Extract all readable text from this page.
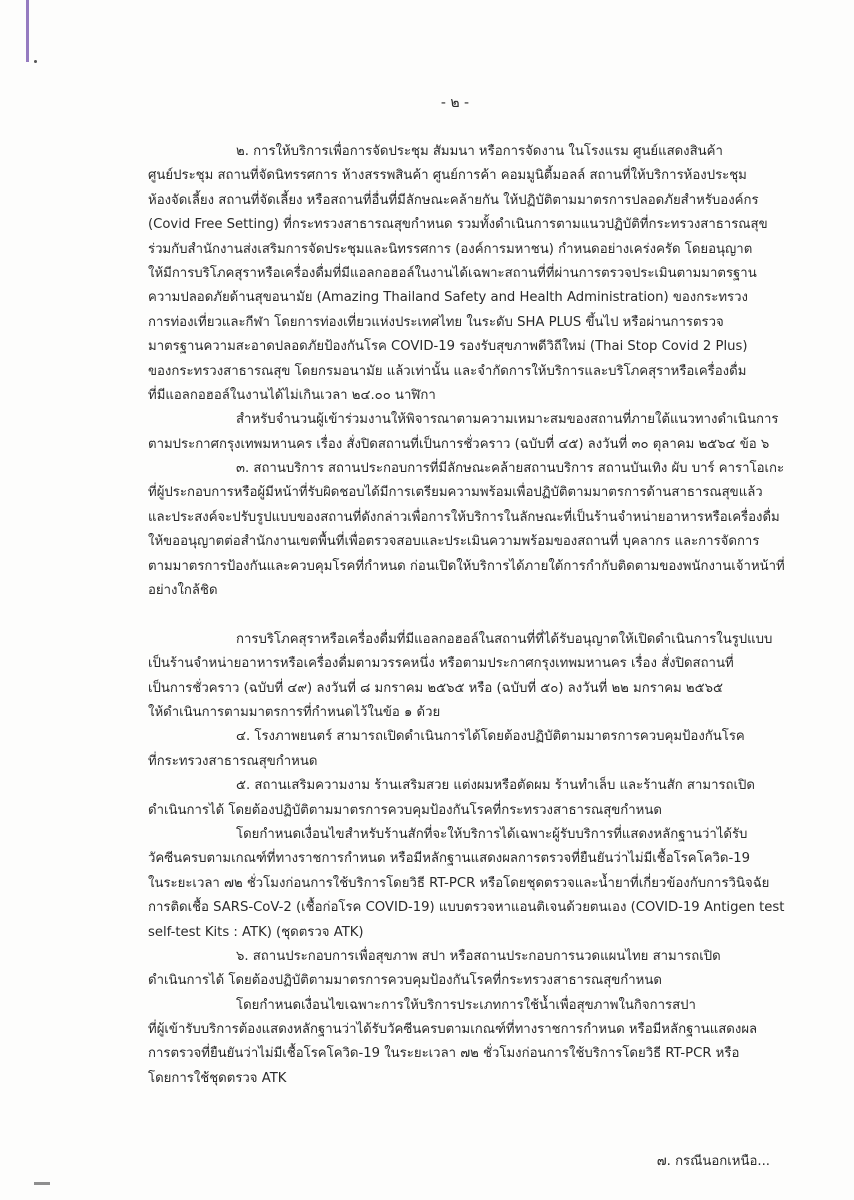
- ๒ -
๒. การให้บริการเพื่อการจัดประชุม สัมมนา หรือการจัดงาน ในโรงแรม ศูนย์แสดงสินค้า
ศูนย์ประชุม สถานที่จัดนิทรรศการ ห้างสรรพสินค้า ศูนย์การค้า คอมมูนิตี้มอลล์ สถานที่ให้บริการห้องประชุม
ห้องจัดเลี้ยง สถานที่จัดเลี้ยง หรือสถานที่อื่นที่มีลักษณะคล้ายกัน ให้ปฏิบัติตามมาตรการปลอดภัยสำหรับองค์กร
(Covid Free Setting) ที่กระทรวงสาธารณสุขกำหนด รวมทั้งดำเนินการตามแนวปฏิบัติที่กระทรวงสาธารณสุข
ร่วมกับสำนักงานส่งเสริมการจัดประชุมและนิทรรศการ (องค์การมหาชน) กำหนดอย่างเคร่งครัด โดยอนุญาต
ให้มีการบริโภคสุราหรือเครื่องดื่มที่มีแอลกอฮอล์ในงานได้เฉพาะสถานที่ที่ผ่านการตรวจประเมินตามมาตรฐาน
ความปลอดภัยด้านสุขอนามัย (Amazing Thailand Safety and Health Administration) ของกระทรวง
การท่องเที่ยวและกีฬา โดยการท่องเที่ยวแห่งประเทศไทย ในระดับ SHA PLUS ขึ้นไป หรือผ่านการตรวจ
มาตรฐานความสะอาดปลอดภัยป้องกันโรค COVID-19 รองรับสุขภาพดีวิถีใหม่ (Thai Stop Covid 2 Plus)
ของกระทรวงสาธารณสุข โดยกรมอนามัย แล้วเท่านั้น และจำกัดการให้บริการและบริโภคสุราหรือเครื่องดื่ม
ที่มีแอลกอฮอล์ในงานได้ไม่เกินเวลา ๒๔.๐๐ นาฬิกา
สำหรับจำนวนผู้เข้าร่วมงานให้พิจารณาตามความเหมาะสมของสถานที่ภายใต้แนวทางดำเนินการ
ตามประกาศกรุงเทพมหานคร เรื่อง สั่งปิดสถานที่เป็นการชั่วคราว (ฉบับที่ ๔๕) ลงวันที่ ๓๐ ตุลาคม ๒๕๖๔ ข้อ ๖
๓. สถานบริการ สถานประกอบการที่มีลักษณะคล้ายสถานบริการ สถานบันเทิง ผับ บาร์ คาราโอเกะ
ที่ผู้ประกอบการหรือผู้มีหน้าที่รับผิดชอบได้มีการเตรียมความพร้อมเพื่อปฏิบัติตามมาตรการด้านสาธารณสุขแล้ว
และประสงค์จะปรับรูปแบบของสถานที่ดังกล่าวเพื่อการให้บริการในลักษณะที่เป็นร้านจำหน่ายอาหารหรือเครื่องดื่ม
ให้ขออนุญาตต่อสำนักงานเขตพื้นที่เพื่อตรวจสอบและประเมินความพร้อมของสถานที่ บุคลากร และการจัดการ
ตามมาตรการป้องกันและควบคุมโรคที่กำหนด ก่อนเปิดให้บริการได้ภายใต้การกำกับติดตามของพนักงานเจ้าหน้าที่
อย่างใกล้ชิด
การบริโภคสุราหรือเครื่องดื่มที่มีแอลกอฮอล์ในสถานที่ที่ได้รับอนุญาตให้เปิดดำเนินการในรูปแบบ
เป็นร้านจำหน่ายอาหารหรือเครื่องดื่มตามวรรคหนึ่ง หรือตามประกาศกรุงเทพมหานคร เรื่อง สั่งปิดสถานที่
เป็นการชั่วคราว (ฉบับที่ ๔๙) ลงวันที่ ๘ มกราคม ๒๕๖๕ หรือ (ฉบับที่ ๕๐) ลงวันที่ ๒๒ มกราคม ๒๕๖๕
ให้ดำเนินการตามมาตรการที่กำหนดไว้ในข้อ ๑ ด้วย
๔. โรงภาพยนตร์ สามารถเปิดดำเนินการได้โดยต้องปฏิบัติตามมาตรการควบคุมป้องกันโรค
ที่กระทรวงสาธารณสุขกำหนด
๕. สถานเสริมความงาม ร้านเสริมสวย แต่งผมหรือตัดผม ร้านทำเล็บ และร้านสัก สามารถเปิด
ดำเนินการได้ โดยต้องปฏิบัติตามมาตรการควบคุมป้องกันโรคที่กระทรวงสาธารณสุขกำหนด
โดยกำหนดเงื่อนไขสำหรับร้านสักที่จะให้บริการได้เฉพาะผู้รับบริการที่แสดงหลักฐานว่าได้รับ
วัคซีนครบตามเกณฑ์ที่ทางราชการกำหนด หรือมีหลักฐานแสดงผลการตรวจที่ยืนยันว่าไม่มีเชื้อโรคโควิด-19
ในระยะเวลา ๗๒ ชั่วโมงก่อนการใช้บริการโดยวิธี RT-PCR หรือโดยชุดตรวจและน้ำยาที่เกี่ยวข้องกับการวินิจฉัย
การติดเชื้อ SARS-CoV-2 (เชื้อก่อโรค COVID-19) แบบตรวจหาแอนติเจนด้วยตนเอง (COVID-19 Antigen test
self-test Kits : ATK) (ชุดตรวจ ATK)
๖. สถานประกอบการเพื่อสุขภาพ สปา หรือสถานประกอบการนวดแผนไทย สามารถเปิด
ดำเนินการได้ โดยต้องปฏิบัติตามมาตรการควบคุมป้องกันโรคที่กระทรวงสาธารณสุขกำหนด
โดยกำหนดเงื่อนไขเฉพาะการให้บริการประเภทการใช้น้ำเพื่อสุขภาพในกิจการสปา
ที่ผู้เข้ารับบริการต้องแสดงหลักฐานว่าได้รับวัคซีนครบตามเกณฑ์ที่ทางราชการกำหนด หรือมีหลักฐานแสดงผล
การตรวจที่ยืนยันว่าไม่มีเชื้อโรคโควิด-19 ในระยะเวลา ๗๒ ชั่วโมงก่อนการใช้บริการโดยวิธี RT-PCR หรือ
โดยการใช้ชุดตรวจ ATK
๗. กรณีนอกเหนือ...
